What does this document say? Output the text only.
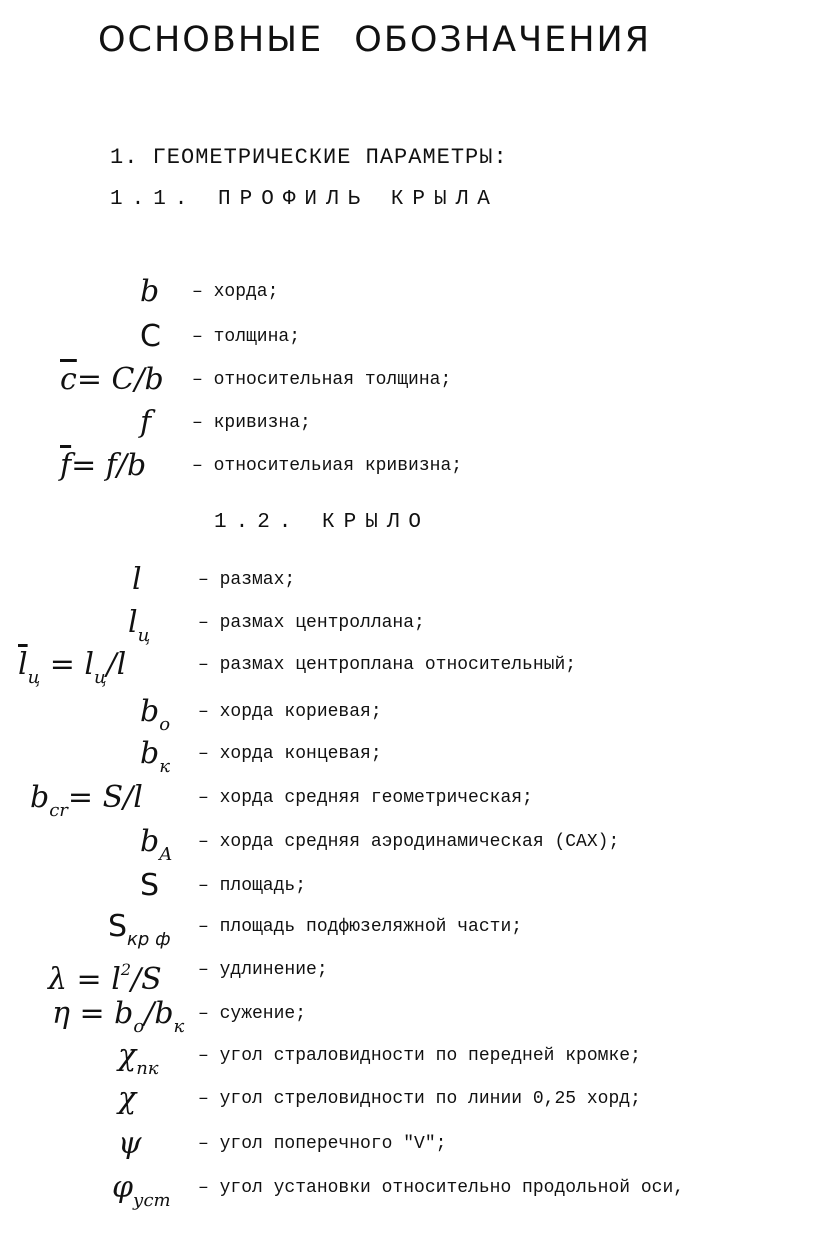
ОСНОВНЫЕ ОБОЗНАЧЕНИЯ
1. ГЕОМЕТРИЧЕСКИЕ ПАРАМЕТРЫ:
1.1. ПРОФИЛЬ КРЫЛА
b – хорда;
C – толщина;
$\overline{c}= C/b$ – относительная толщина;
f – кривизна;
$\overline{f}= f/b$	– относительиая кривизна;
1.2. КРЫЛО
l	– размах;
$l_ц$
– размах центроллана;
$\overline{l}_ц = l_ц/l$	– размах центроплана относительный;
$b_o$
– хорда кориевая;
$b_к$
– хорда концевая;
$b_{cr}= S/l$	– хорда средняя геометрическая;
$b_A$
– хорда средняя аэродинамическая (САХ);
S – площадь;
$S_{кр ф}$
– площадь подфюзеляжной части;
$\lambda = l^2/S$ – удлинение;
$\eta = b_o/b_к$
– сужение;
$\chi_{пк}$
– угол страловидности по передней кромке;
χ	– угол стреловидности по линии 0,25 хорд;
ψ	– угол поперечного "V";
$\varphi_{уст}$
– угол установки относительно продольной оси,
